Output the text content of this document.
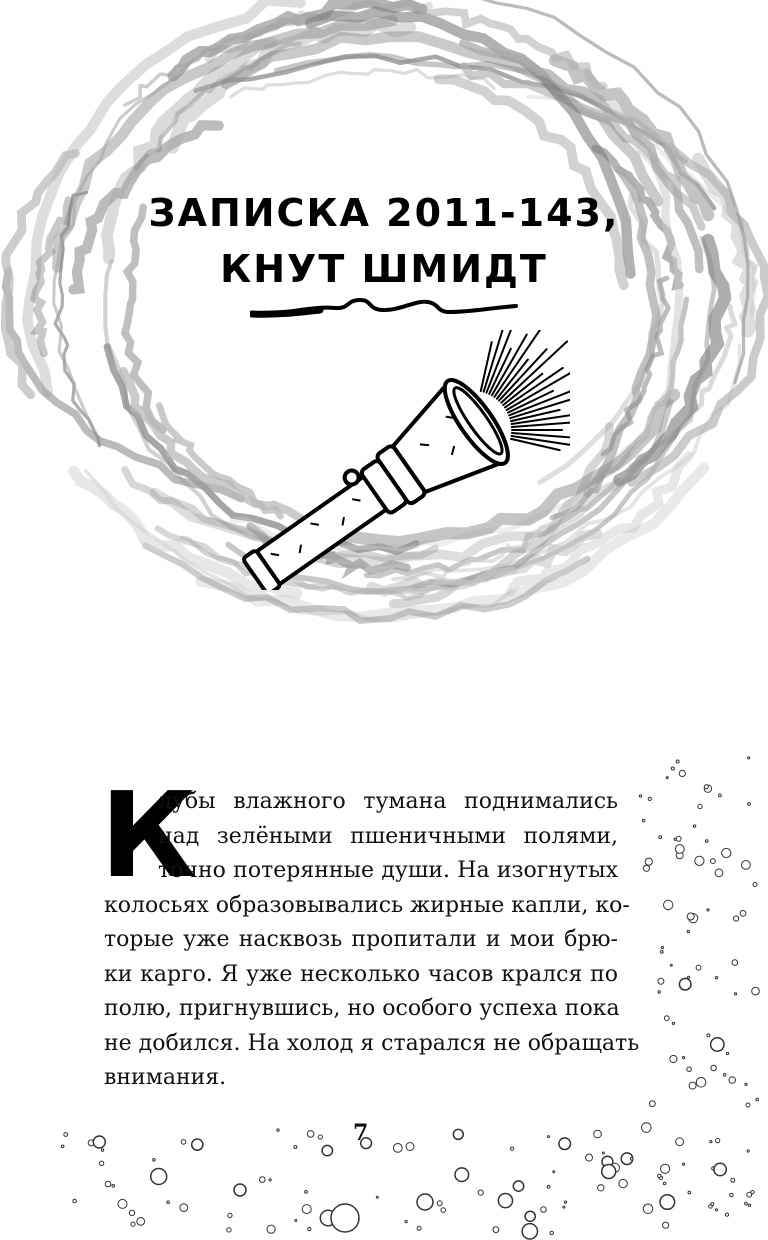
ЗАПИСКА 2011-143,
КНУТ ШМИДТ
К
лубы влажного тумана поднимались
над зелёными пшеничными полями,
точно потерянные души. На изогнутых
колосьях образовывались жирные капли, ко-
торые уже насквозь пропитали и мои брю-
ки карго. Я уже несколько часов крался по
полю, пригнувшись, но особого успеха пока
не добился. На холод я старался не обращать
внимания.
7
